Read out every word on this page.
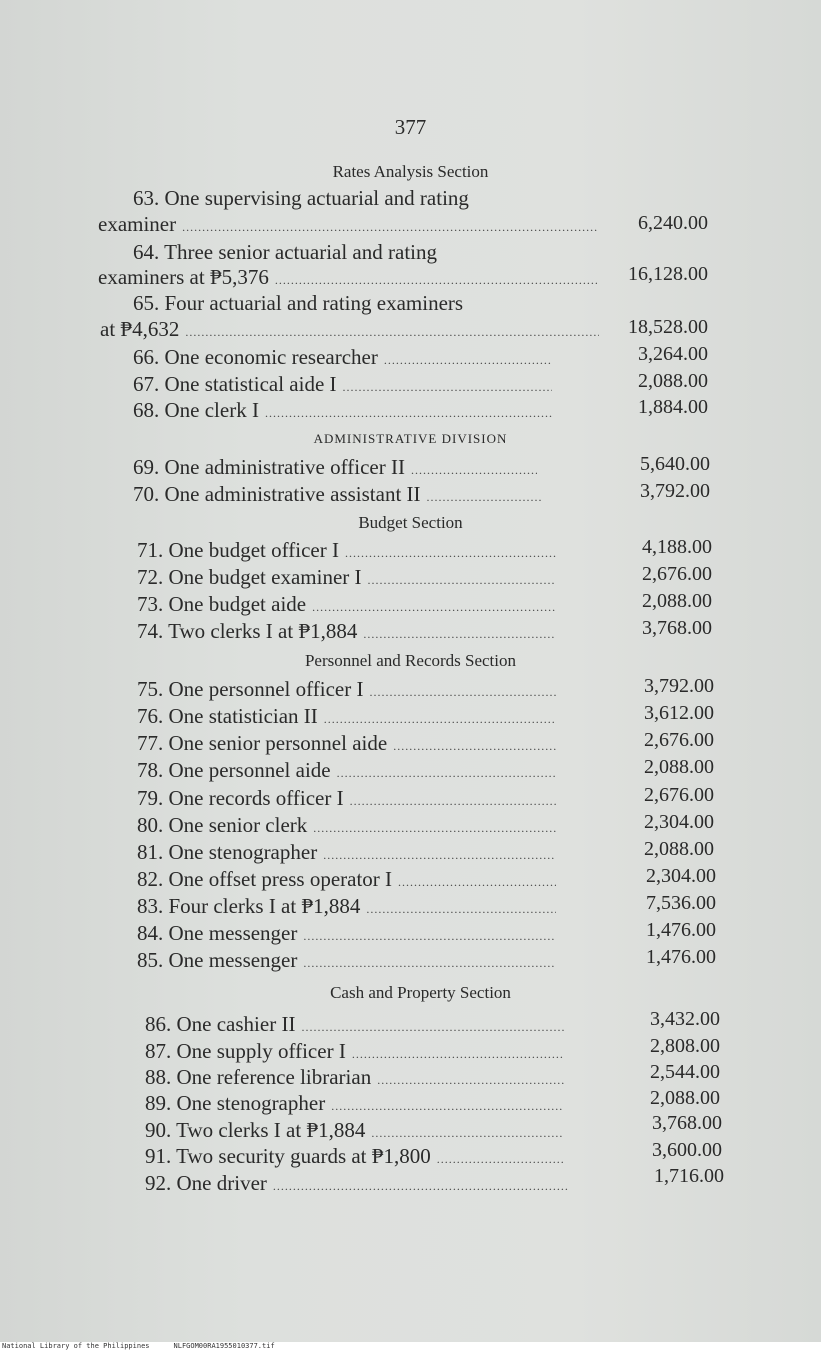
377
Rates Analysis Section
63. One supervising actuarial and rating
examiner .....	6,240.00
64. Three senior actuarial and rating
examiners at ₱5,376 .....	16,128.00
65. Four actuarial and rating examiners
at ₱4,632 .....	18,528.00
66. One economic researcher .....	3,264.00
67. One statistical aide I .....	2,088.00
68. One clerk I .....	1,884.00
ADMINISTRATIVE DIVISION
69. One administrative officer II .....	5,640.00
70. One administrative assistant II .....	3,792.00
Budget Section
71. One budget officer I .....	4,188.00
72. One budget examiner I .....	2,676.00
73. One budget aide .....	2,088.00
74. Two clerks I at ₱1,884 .....	3,768.00
Personnel and Records Section
75. One personnel officer I .....	3,792.00
76. One statistician II .....	3,612.00
77. One senior personnel aide .....	2,676.00
78. One personnel aide .....	2,088.00
79. One records officer I .....	2,676.00
80. One senior clerk .....	2,304.00
81. One stenographer .....	2,088.00
82. One offset press operator I .....	2,304.00
83. Four clerks I at ₱1,884 .....	7,536.00
84. One messenger .....	1,476.00
85. One messenger .....	1,476.00
Cash and Property Section
86. One cashier II .....	3,432.00
87. One supply officer I .....	2,808.00
88. One reference librarian .....	2,544.00
89. One stenographer .....	2,088.00
90. Two clerks I at ₱1,884 .....	3,768.00
91. Two security guards at ₱1,800 .....	3,600.00
92. One driver .....	1,716.00
National Library of the Philippines	NLFGOM00RA1955010377.tif
